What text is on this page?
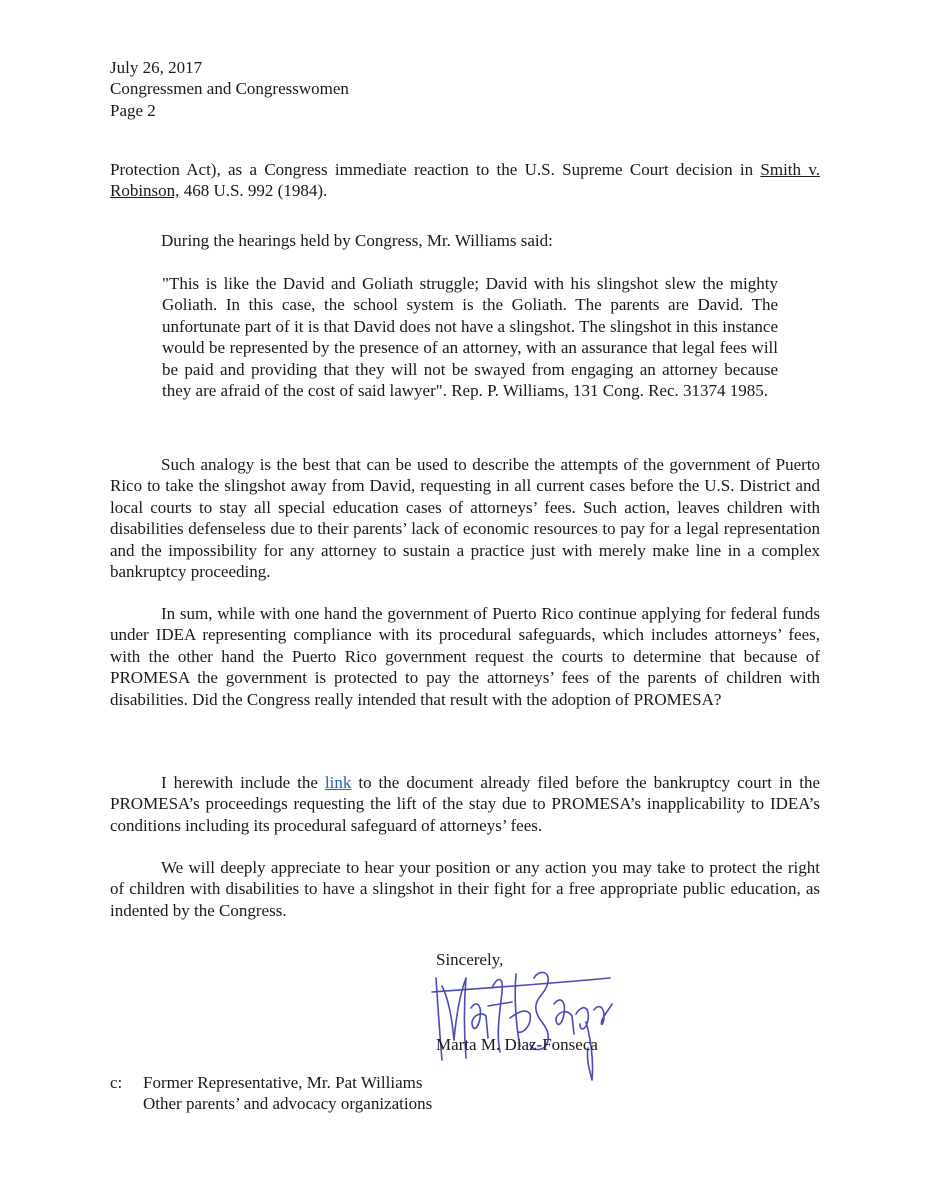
July 26, 2017
Congressmen and Congresswomen
Page 2
Protection Act), as a Congress immediate reaction to the U.S. Supreme Court decision in Smith v. Robinson, 468 U.S. 992 (1984).
During the hearings held by Congress, Mr. Williams said:
"This is like the David and Goliath struggle; David with his slingshot slew the mighty Goliath. In this case, the school system is the Goliath. The parents are David. The unfortunate part of it is that David does not have a slingshot. The slingshot in this instance would be represented by the presence of an attorney, with an assurance that legal fees will be paid and providing that they will not be swayed from engaging an attorney because they are afraid of the cost of said lawyer". Rep. P. Williams, 131 Cong. Rec. 31374 1985.
Such analogy is the best that can be used to describe the attempts of the government of Puerto Rico to take the slingshot away from David, requesting in all current cases before the U.S. District and local courts to stay all special education cases of attorneys’ fees. Such action, leaves children with disabilities defenseless due to their parents’ lack of economic resources to pay for a legal representation and the impossibility for any attorney to sustain a practice just with merely make line in a complex bankruptcy proceeding.
In sum, while with one hand the government of Puerto Rico continue applying for federal funds under IDEA representing compliance with its procedural safeguards, which includes attorneys’ fees, with the other hand the Puerto Rico government request the courts to determine that because of PROMESA the government is protected to pay the attorneys’ fees of the parents of children with disabilities. Did the Congress really intended that result with the adoption of PROMESA?
I herewith include the link to the document already filed before the bankruptcy court in the PROMESA’s proceedings requesting the lift of the stay due to PROMESA’s inapplicability to IDEA’s conditions including its procedural safeguard of attorneys’ fees.
We will deeply appreciate to hear your position or any action you may take to protect the right of children with disabilities to have a slingshot in their fight for a free appropriate public education, as indented by the Congress.
Sincerely,
Marta M. Diaz-Fonseca
c:	Former Representative, Mr. Pat Williams
Other parents’ and advocacy organizations
